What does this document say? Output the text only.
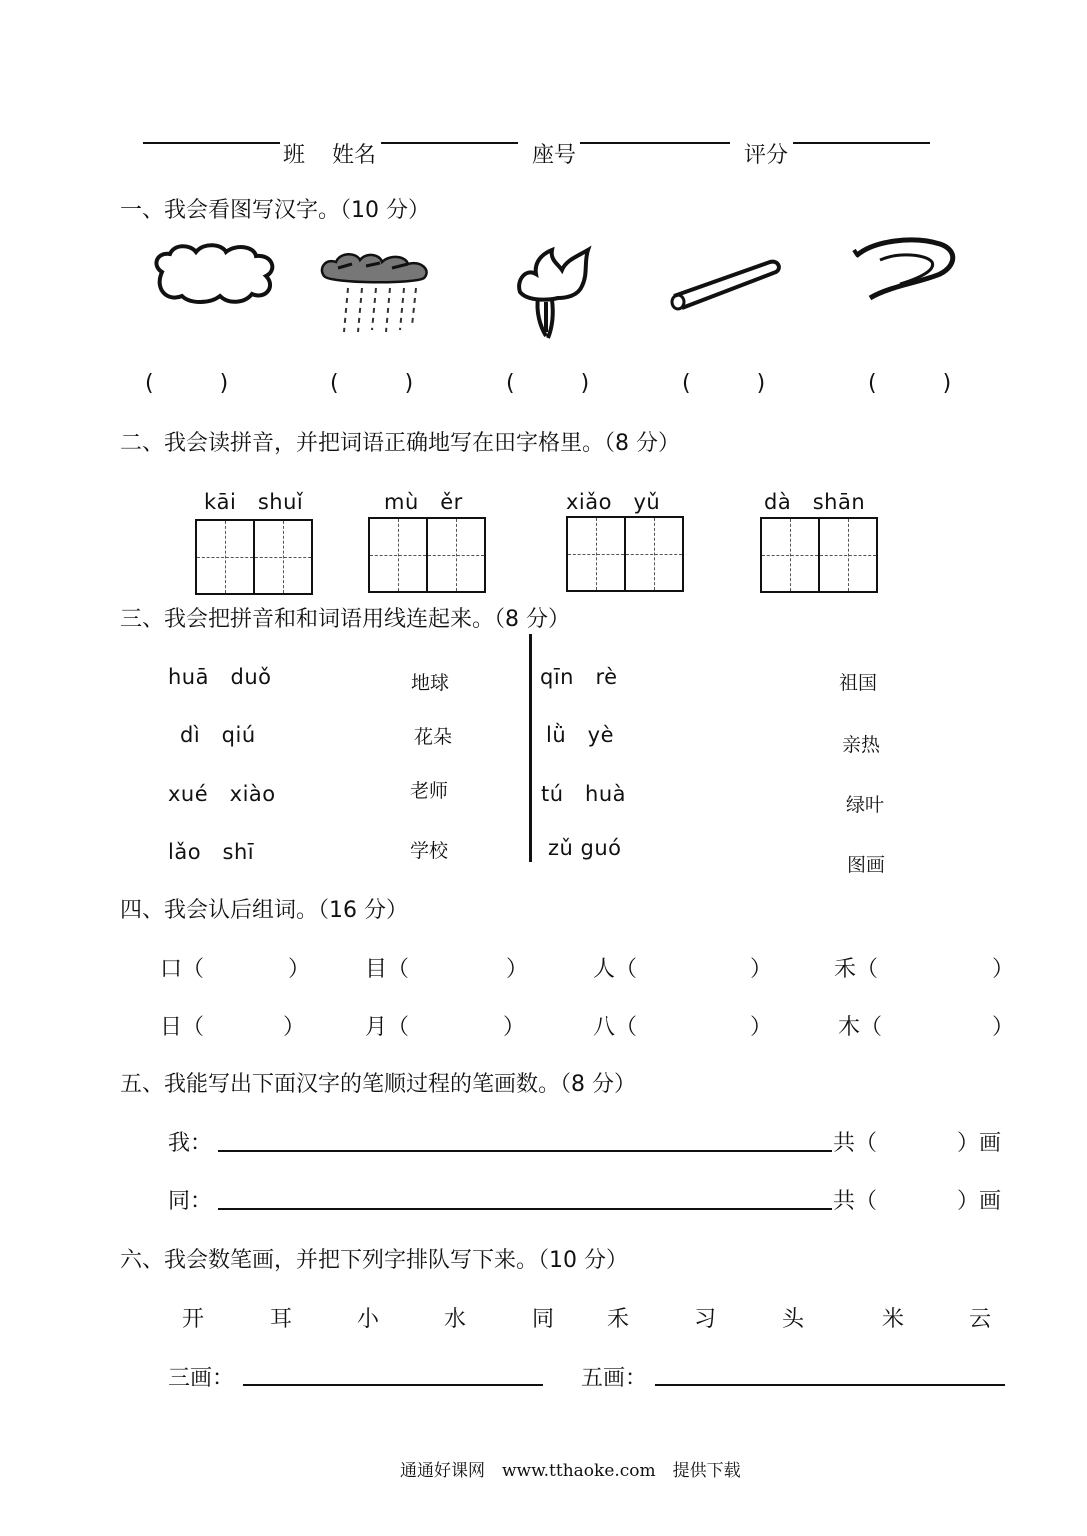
班 姓名	座号	评分
一、我会看图写汉字。（10 分）
(　　　)	(　　　)	(　　　)	(　　　)	(　　　)
二、我会读拼音，并把词语正确地写在田字格里。（8 分）
kāi　shuǐ	mù　ěr	xiǎo　yǔ	dà　shān
三、我会把拼音和和词语用线连起来。（8 分）
huā　duǒ
dì　qiú
xué　xiào
lǎo　shī
地球
花朵
老师
学校
qīn　rè
lǜ　yè
tú　huà
zǔ guó
祖国
亲热
绿叶
图画
四、我会认后组词。（16 分）
口（	） 目（	）	人（	）	禾（	）
日（	）	月（	）	八（	）	木（	）
五、我能写出下面汉字的笔顺过程的笔画数。（8 分）
我：	共（	）画
同：	共（	）画
六、我会数笔画，并把下列字排队写下来。（10 分）
开	耳	小	水	同 禾	习	头	米	云
三画：	五画：
通通好课网　www.tthaoke.com　提供下载
